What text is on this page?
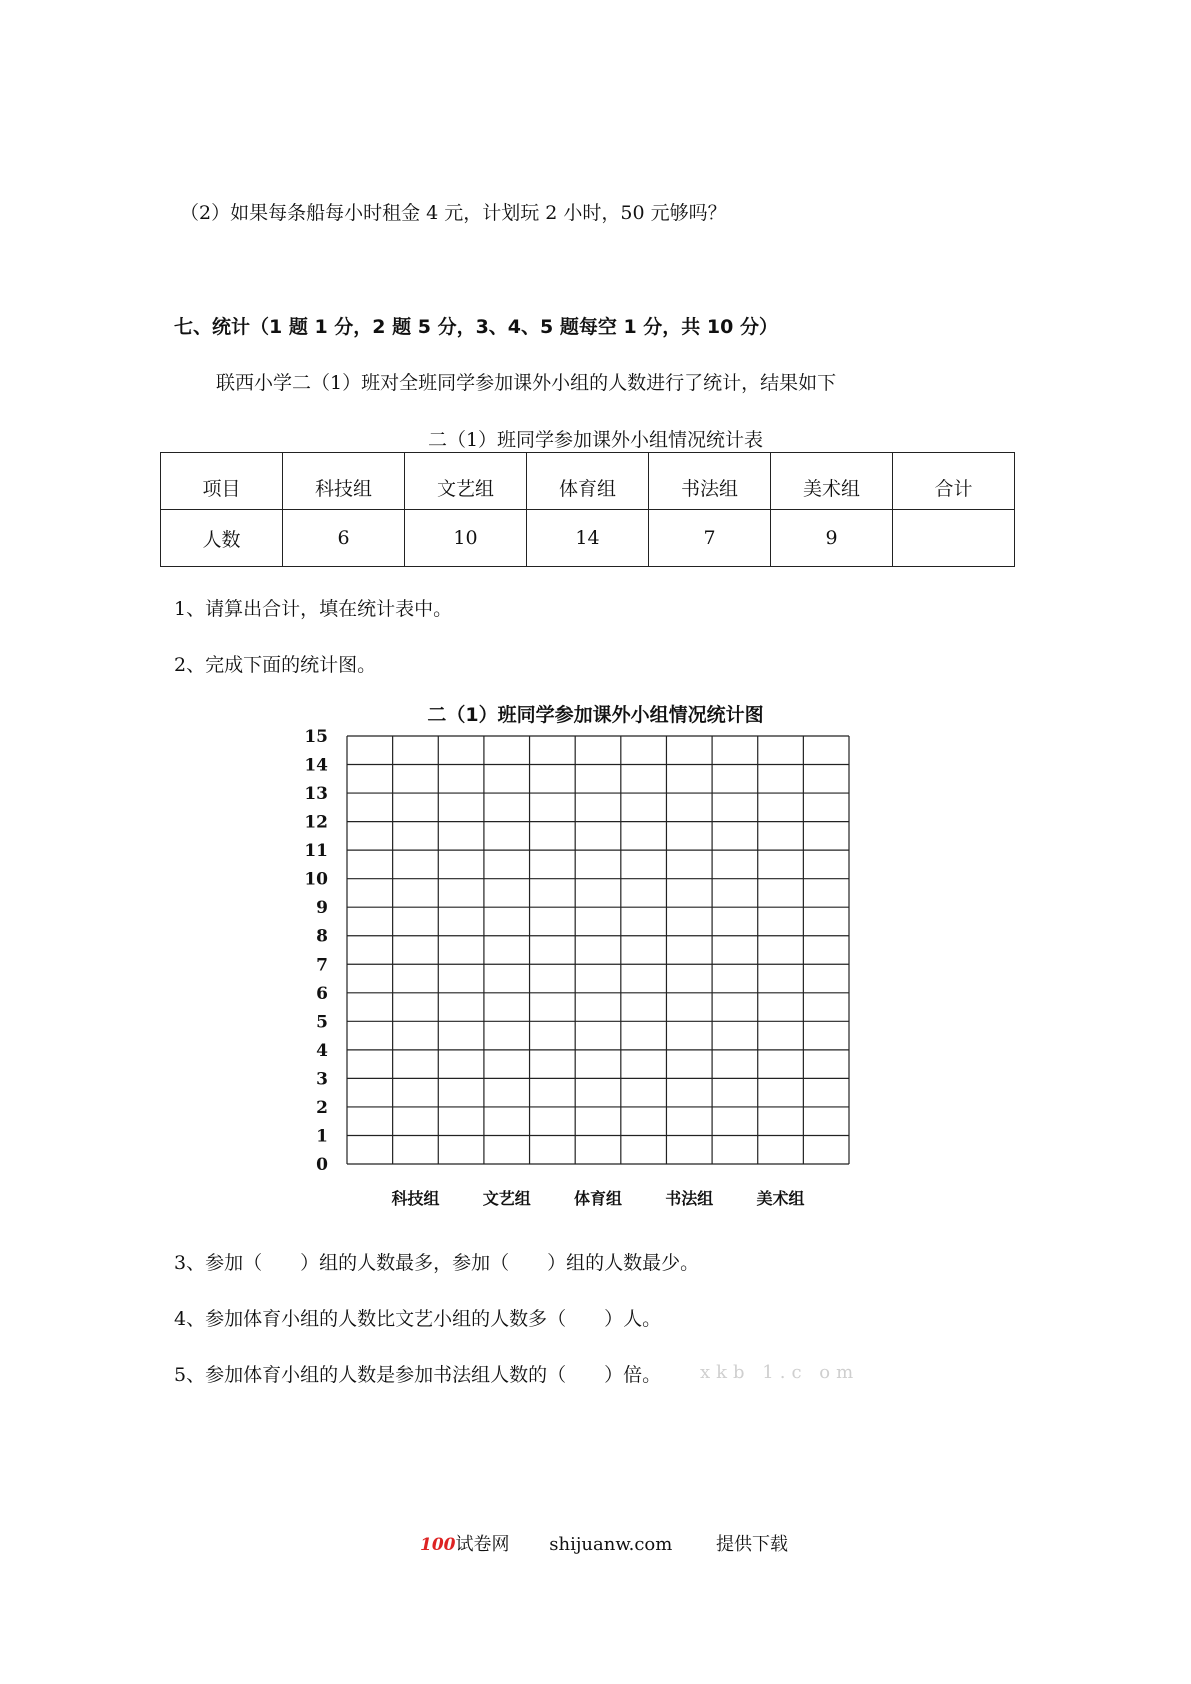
（2）如果每条船每小时租金 4 元，计划玩 2 小时，50 元够吗？
七、统计（1 题 1 分，2 题 5 分，3、4、5 题每空 1 分，共 10 分）
联西小学二（1）班对全班同学参加课外小组的人数进行了统计，结果如下
二（1）班同学参加课外小组情况统计表
项目	科技组	文艺组	体育组	书法组	美术组	合计
人数	6	10	14	7	9	
1、请算出合计，填在统计表中。
2、完成下面的统计图。
二（1）班同学参加课外小组情况统计图
0
1
2
3
4
5
6
7
8
9
10
11
12
13
14
15
科技组	文艺组	体育组	书法组	美术组
3、参加（　　）组的人数最多，参加（　　）组的人数最少。
4、参加体育小组的人数比文艺小组的人数多（　　）人。
5、参加体育小组的人数是参加书法组人数的（　　）倍。 xkb 1.c om
100试卷网 shijuanw.com 提供下载
